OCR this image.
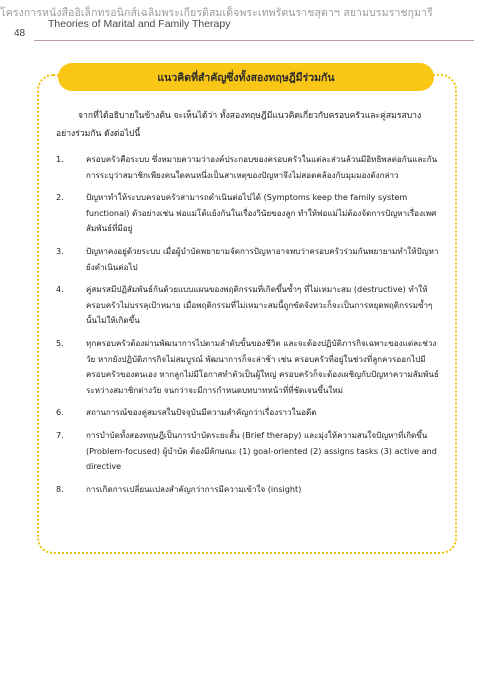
โครงการหนังสืออิเล็กทรอนิกส์เฉลิมพระเกียรติสมเด็จพระเทพรัตนราชสุดาฯ สยามบรมราชกุมารี
Theories of Marital and Family Therapy
48
แนวคิดที่สำคัญซึ่งทั้งสองทฤษฎีมีร่วมกัน
จากที่ได้อธิบายในข้างต้น จะเห็นได้ว่า ทั้งสองทฤษฎีมีแนวคิดเกี่ยวกับครอบครัวและคู่สมรสบางอย่างร่วมกัน ดังต่อไปนี้
1.	ครอบครัวคือระบบ ซึ่งหมายความว่าองค์ประกอบของครอบครัวในแต่ละส่วนล้วนมีอิทธิพลต่อกันและกัน การระบุว่าสมาชิกเพียงคนใดคนหนึ่งเป็นสาเหตุของปัญหาจึงไม่สอดคล้องกับมุมมองดังกล่าว
2.	ปัญหาทำให้ระบบครอบครัวสามารถดำเนินต่อไปได้ (Symptoms keep the family system functional) ตัวอย่างเช่น พ่อแม่โต้แย้งกันในเรื่องวินัยของลูก ทำให้พ่อแม่ไม่ต้องจัดการปัญหาเรื่องเพศสัมพันธ์ที่มีอยู่
3.	ปัญหาคงอยู่ด้วยระบบ เมื่อผู้บำบัดพยายามจัดการปัญหาอาจพบว่าครอบครัวร่วมกันพยายามทำให้ปัญหายังดำเนินต่อไป
4.	คู่สมรสมีปฏิสัมพันธ์กันด้วยแบบแผนของพฤติกรรมที่เกิดขึ้นซ้ำๆ ที่ไม่เหมาะสม (destructive) ทำให้ครอบครัวไม่บรรลุเป้าหมาย เมื่อพฤติกรรมที่ไม่เหมาะสมนี้ถูกขัดจังหวะก็จะเป็นการหยุดพฤติกรรมซ้ำๆนั้นไม่ให้เกิดขึ้น
5.	ทุกครอบครัวต้องผ่านพัฒนาการไปตามลำดับขั้นของชีวิต และจะต้องปฏิบัติภารกิจเฉพาะของแต่ละช่วงวัย หากยังปฏิบัติภารกิจไม่สมบูรณ์ พัฒนาการก็จะล่าช้า เช่น ครอบครัวที่อยู่ในช่วงที่ลูกควรออกไปมีครอบครัวของตนเอง หากลูกไม่มีโอกาสทำตัวเป็นผู้ใหญ่ ครอบครัวก็จะต้องเผชิญกับปัญหาความสัมพันธ์ระหว่างสมาชิกต่างวัย จนกว่าจะมีการกำหนดบทบาทหน้าที่ที่ชัดเจนขึ้นใหม่
6.	สถานการณ์ของคู่สมรสในปัจจุบันมีความสำคัญกว่าเรื่องราวในอดีต
7.	การบำบัดทั้งสองทฤษฎีเป็นการบำบัดระยะสั้น (Brief therapy) และมุ่งให้ความสนใจปัญหาที่เกิดขึ้น (Problem-focused) ผู้บำบัด ต้องมีลักษณะ (1) goal-oriented (2) assigns tasks (3) active and directive
8.	การเกิดการเปลี่ยนแปลงสำคัญกว่าการมีความเข้าใจ (insight)
